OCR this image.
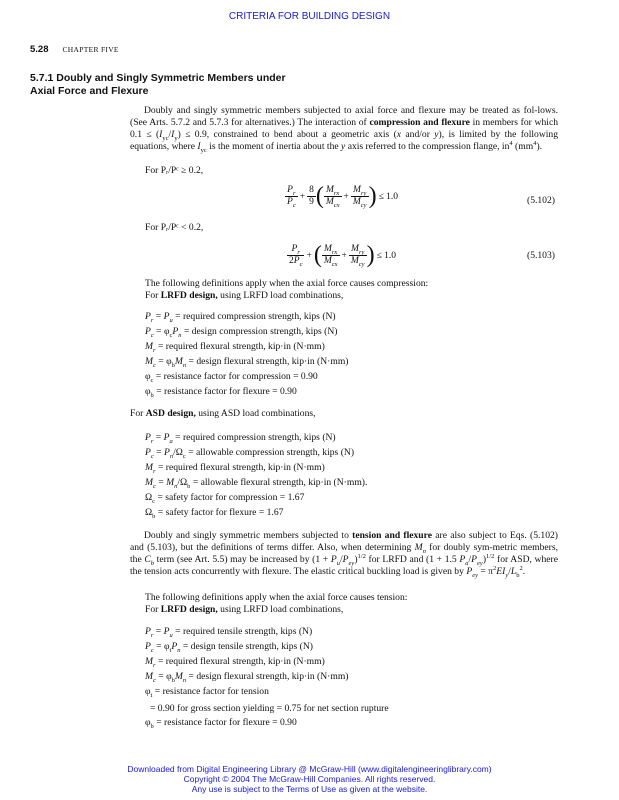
CRITERIA FOR BUILDING DESIGN
5.28 CHAPTER FIVE
5.7.1 Doubly and Singly Symmetric Members under
Axial Force and Flexure
Doubly and singly symmetric members subjected to axial force and flexure may be treated as fol-lows. (See Arts. 5.7.2 and 5.7.3 for alternatives.) The interaction of compression and flexure in members for which $0.1 \le (I_{yc}/I_y) \le 0.9$, constrained to bend about a geometric axis (x and/or y), is limited by the following equations, where $I_{yc}$ is the moment of inertia about the y axis referred to the compression flange, $in^4$ $(mm^4)$.
For Pᵣ/Pᶜ ≥ 0.2,
$\frac{P_r}{P_c} + \frac{8}{9}$ ( $\frac{M_{rx}}{M_{cx}} + \frac{M_{ry}}{M_{cy}}$ ) ≤ 1.0	(5.102)
For Pᵣ/Pᶜ < 0.2,
$\frac{P_r}{2P_c}$ +( $\frac{M_{rx}}{M_{cx}} + \frac{M_{ry}}{M_{cy}}$ ) ≤ 1.0	(5.103)
The following definitions apply when the axial force causes compression:
For LRFD design, using LRFD load combinations,
$P_r = P_u$ = required compression strength, kips (N)
$P_c = \varphi_cP_n$ = design compression strength, kips (N)
$M_r$ = required flexural strength, kip·in (N·mm)
$M_c = \varphi_bM_n$ = design flexural strength, kip·in (N·mm)
$\varphi_c$ = resistance factor for compression = 0.90
$\varphi_b$ = resistance factor for flexure = 0.90
For ASD design, using ASD load combinations,
$P_r = P_a$ = required compression strength, kips (N)
$P_c = P_n/\Omega_c$ = allowable compression strength, kips (N)
$M_r$ = required flexural strength, kip·in (N·mm)
$M_c = M_n/\Omega_b$ = allowable flexural strength, kip·in (N·mm).
$\Omega_c$ = safety factor for compression = 1.67
$\Omega_b$ = safety factor for flexure = 1.67
Doubly and singly symmetric members subjected to tension and flexure are also subject to Eqs. (5.102) and (5.103), but the definitions of terms differ. Also, when determining $M_n$ for doubly sym-metric members, the $C_b$ term (see Art. 5.5) may be increased by $(1 + P_u/P_{ey})^{1/2}$ for LRFD and (1 + 1.5 $P_a/P_{ey})^{1/2}$ for ASD, where the tension acts concurrently with flexure. The elastic critical buckling load is given by $P_{ey} = \pi^2EI_y/L_b^2$.
The following definitions apply when the axial force causes tension:
For LRFD design, using LRFD load combinations,
$P_r = P_u$ = required tensile strength, kips (N)
$P_c = \varphi_tP_n$ = design tensile strength, kips (N)
$M_r$ = required flexural strength, kip·in (N·mm)
$M_c = \varphi_bM_n$ = design flexural strength, kip·in (N·mm)
$\varphi_t$ = resistance factor for tension
= 0.90 for gross section yielding = 0.75 for net section rupture
$\varphi_b$ = resistance factor for flexure = 0.90
Downloaded from Digital Engineering Library @ McGraw-Hill (www.digitalengineeringlibrary.com)
Copyright © 2004 The McGraw-Hill Companies. All rights reserved.
Any use is subject to the Terms of Use as given at the website.
